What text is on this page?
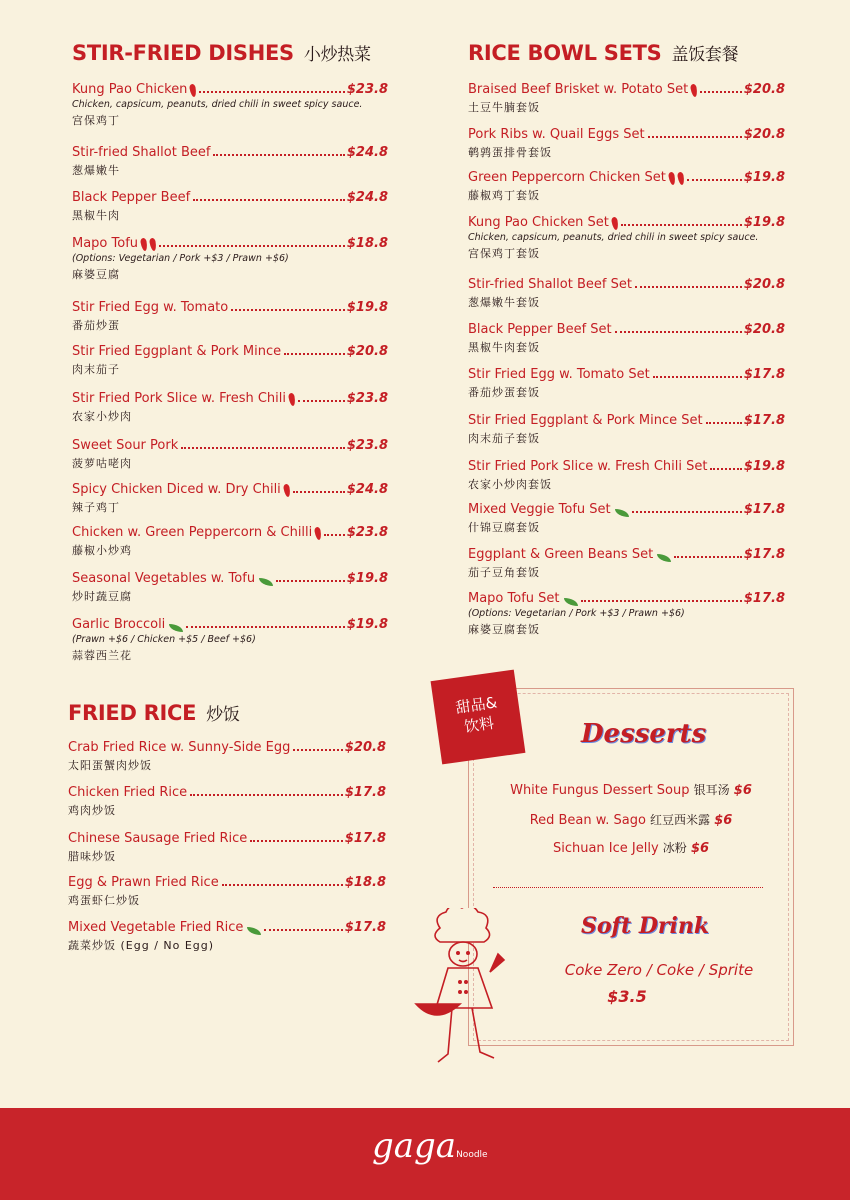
STIR-FRIED DISHES 小炒热菜
Kung Pao Chicken	$23.8
Chicken, capsicum, peanuts, dried chili in sweet spicy sauce.
宫保鸡丁
Stir-fried Shallot Beef	$24.8
葱爆嫩牛
Black Pepper Beef	$24.8
黑椒牛肉
Mapo Tofu	$18.8
(Options: Vegetarian / Pork +$3 / Prawn +$6)
麻婆豆腐
Stir Fried Egg w. Tomato	$19.8
番茄炒蛋
Stir Fried Eggplant & Pork Mince	$20.8
肉末茄子
Stir Fried Pork Slice w. Fresh Chili	$23.8
农家小炒肉
Sweet Sour Pork	$23.8
菠萝咕咾肉
Spicy Chicken Diced w. Dry Chili	$24.8
辣子鸡丁
Chicken w. Green Peppercorn & Chilli	$23.8
藤椒小炒鸡
Seasonal Vegetables w. Tofu	$19.8
炒时蔬豆腐
Garlic Broccoli	$19.8
(Prawn +$6 / Chicken +$5 / Beef +$6)
蒜蓉西兰花
FRIED RICE 炒饭
Crab Fried Rice w. Sunny-Side Egg	$20.8
太阳蛋蟹肉炒饭
Chicken Fried Rice	$17.8
鸡肉炒饭
Chinese Sausage Fried Rice	$17.8
腊味炒饭
Egg & Prawn Fried Rice	$18.8
鸡蛋虾仁炒饭
Mixed Vegetable Fried Rice	$17.8
蔬菜炒饭 (Egg / No Egg)
RICE BOWL SETS 盖饭套餐
Braised Beef Brisket w. Potato Set	$20.8
土豆牛腩套饭
Pork Ribs w. Quail Eggs Set	$20.8
鹌鹑蛋排骨套饭
Green Peppercorn Chicken Set	$19.8
藤椒鸡丁套饭
Kung Pao Chicken Set	$19.8
Chicken, capsicum, peanuts, dried chili in sweet spicy sauce.
宫保鸡丁套饭
Stir-fried Shallot Beef Set	$20.8
葱爆嫩牛套饭
Black Pepper Beef Set	$20.8
黑椒牛肉套饭
Stir Fried Egg w. Tomato Set	$17.8
番茄炒蛋套饭
Stir Fried Eggplant & Pork Mince Set	$17.8
肉末茄子套饭
Stir Fried Pork Slice w. Fresh Chili Set	$19.8
农家小炒肉套饭
Mixed Veggie Tofu Set	$17.8
什锦豆腐套饭
Eggplant & Green Beans Set	$17.8
茄子豆角套饭
Mapo Tofu Set	$17.8
(Options: Vegetarian / Pork +$3 / Prawn +$6)
麻婆豆腐套饭
Desserts
White Fungus Dessert Soup 银耳汤 $6
Red Bean w. Sago 红豆西米露 $6
Sichuan Ice Jelly 冰粉 $6
Soft Drink
Coke Zero / Coke / Sprite
$3.5
甜品&
饮料
gagaNoodle
